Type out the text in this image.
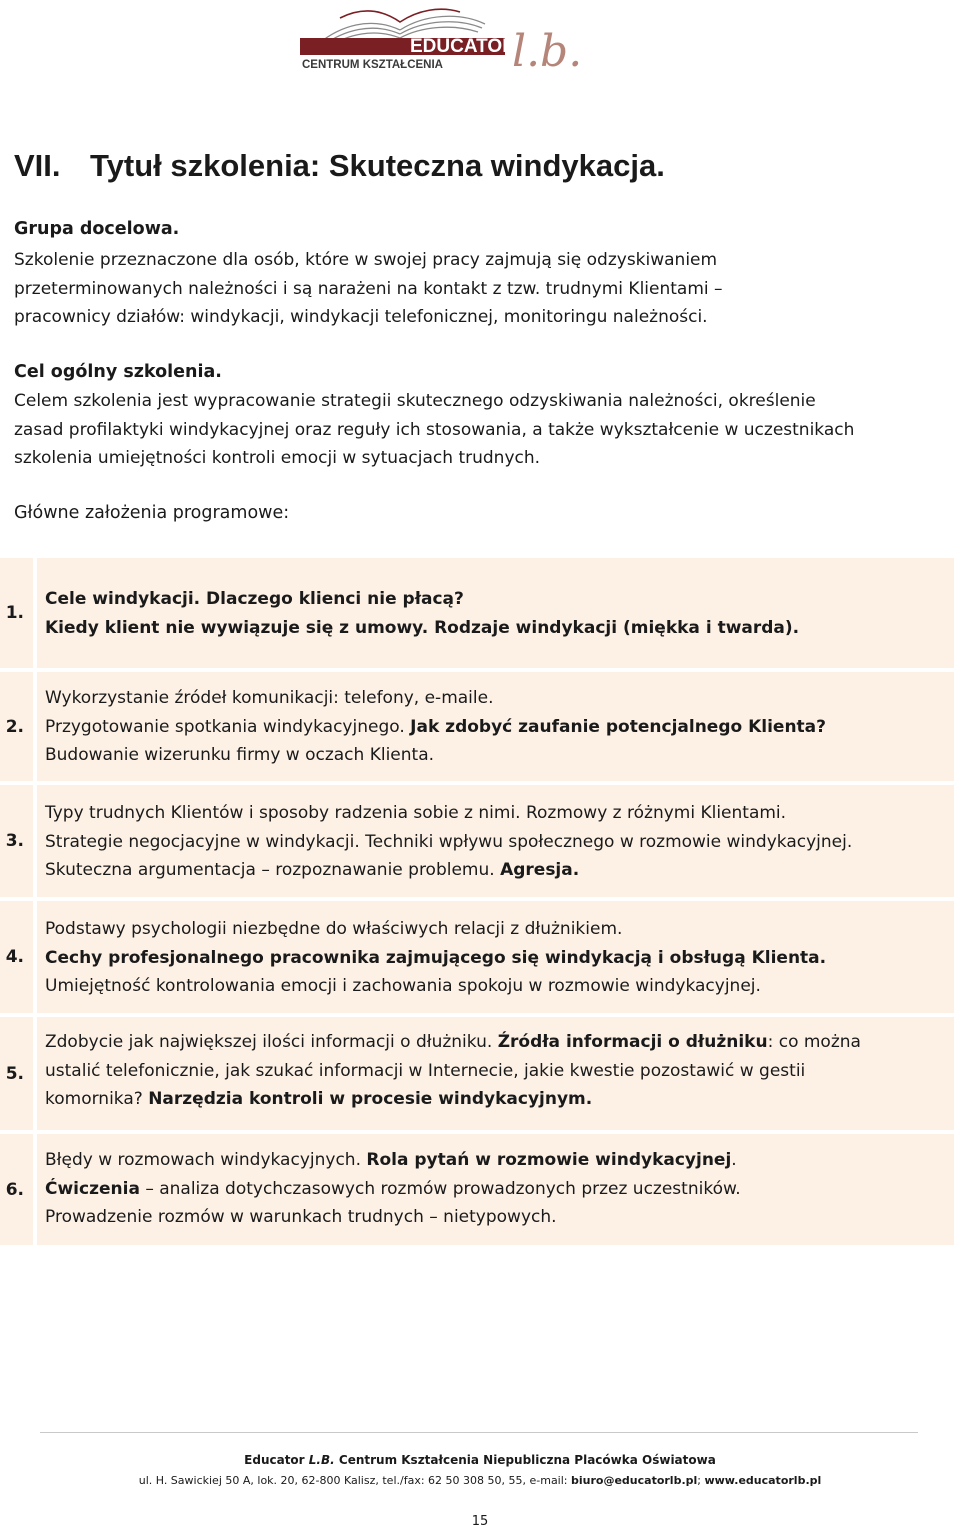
EDUCATOR
l.b.
CENTRUM KSZTAŁCENIA
VII. Tytuł szkolenia: Skuteczna windykacja.

Grupa docelowa.

Szkolenie przeznaczone dla osób, które w swojej pracy zajmują się odzyskiwaniem
przeterminowanych należności i są narażeni na kontakt z tzw. trudnymi Klientami –
pracownicy działów: windykacji, windykacji telefonicznej, monitoringu należności.

Cel ogólny szkolenia.

Celem szkolenia jest wypracowanie strategii skutecznego odzyskiwania należności, określenie
zasad profilaktyki windykacyjnej oraz reguły ich stosowania, a także wykształcenie w uczestnikach
szkolenia umiejętności kontroli emocji w sytuacjach trudnych.

Główne założenia programowe:

1.
Cele windykacji. Dlaczego klienci nie płacą?
Kiedy klient nie wywiązuje się z umowy. Rodzaje windykacji (miękka i twarda).
2.
Wykorzystanie źródeł komunikacji: telefony, e-maile.
Przygotowanie spotkania windykacyjnego. Jak zdobyć zaufanie potencjalnego Klienta?
Budowanie wizerunku firmy w oczach Klienta.
3.
Typy trudnych Klientów i sposoby radzenia sobie z nimi. Rozmowy z różnymi Klientami.
Strategie negocjacyjne w windykacji. Techniki wpływu społecznego w rozmowie windykacyjnej.
Skuteczna argumentacja – rozpoznawanie problemu. Agresja.
4.
Podstawy psychologii niezbędne do właściwych relacji z dłużnikiem.
Cechy profesjonalnego pracownika zajmującego się windykacją i obsługą Klienta.
Umiejętność kontrolowania emocji i zachowania spokoju w rozmowie windykacyjnej.
5.
Zdobycie jak największej ilości informacji o dłużniku. Źródła informacji o dłużniku: co można
ustalić telefonicznie, jak szukać informacji w Internecie, jakie kwestie pozostawić w gestii
komornika? Narzędzia kontroli w procesie windykacyjnym.
6.
Błędy w rozmowach windykacyjnych. Rola pytań w rozmowie windykacyjnej.
Ćwiczenia – analiza dotychczasowych rozmów prowadzonych przez uczestników.
Prowadzenie rozmów w warunkach trudnych – nietypowych.
Educator L.B. Centrum Kształcenia Niepubliczna Placówka Oświatowa
ul. H. Sawickiej 50 A, lok. 20, 62-800 Kalisz, tel./fax: 62 50 308 50, 55, e-mail: biuro@educatorlb.pl; www.educatorlb.pl
15
